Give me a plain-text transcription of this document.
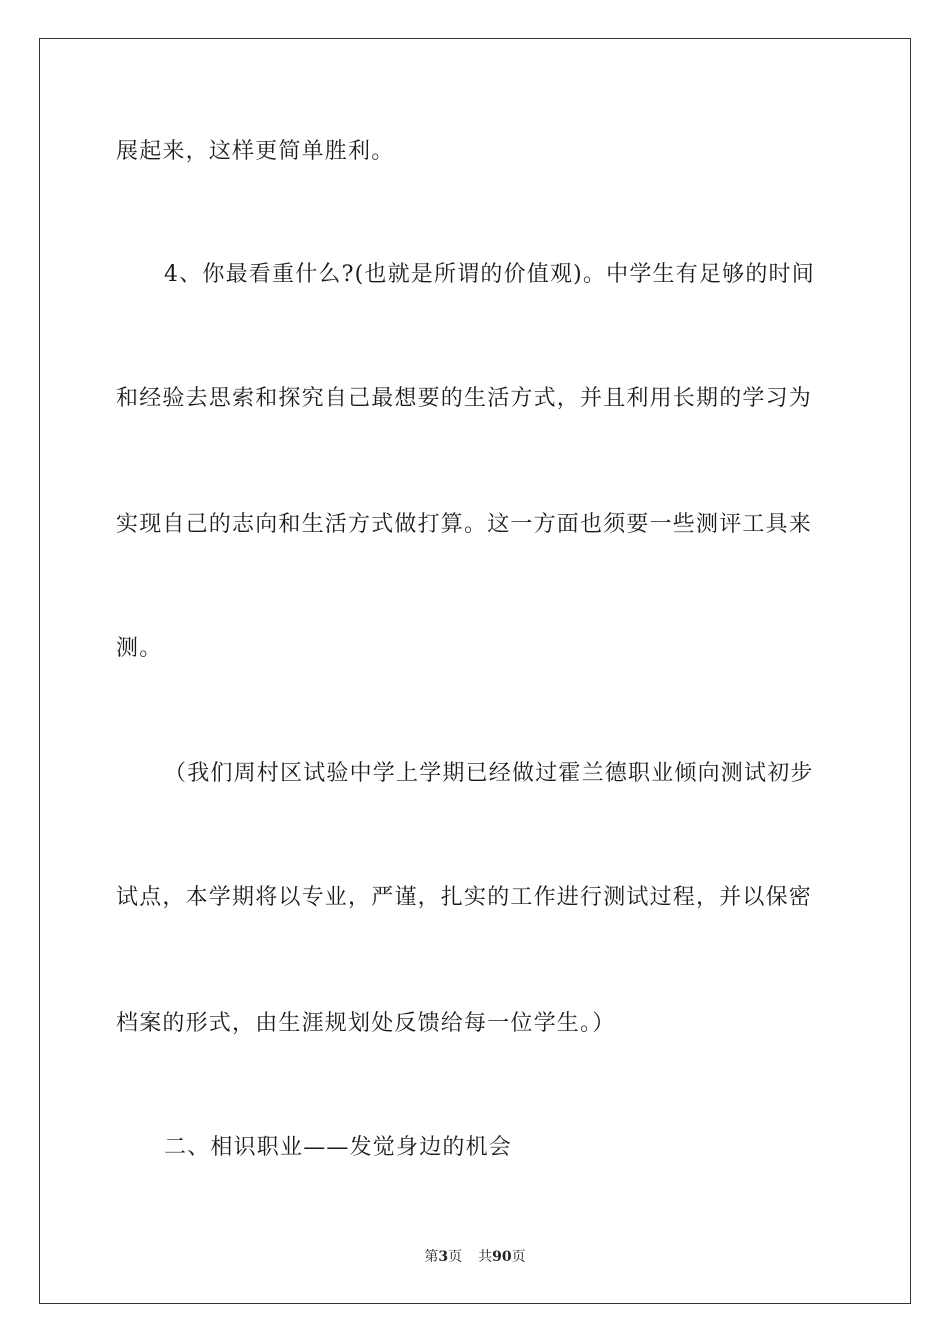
展起来，这样更简单胜利。
4、你最看重什么?(也就是所谓的价值观)。中学生有足够的时间
和经验去思索和探究自己最想要的生活方式，并且利用长期的学习为
实现自己的志向和生活方式做打算。这一方面也须要一些测评工具来
测。
（我们周村区试验中学上学期已经做过霍兰德职业倾向测试初步
试点，本学期将以专业，严谨，扎实的工作进行测试过程，并以保密
档案的形式，由生涯规划处反馈给每一位学生。）
二、相识职业——发觉身边的机会
第3页 共90页
